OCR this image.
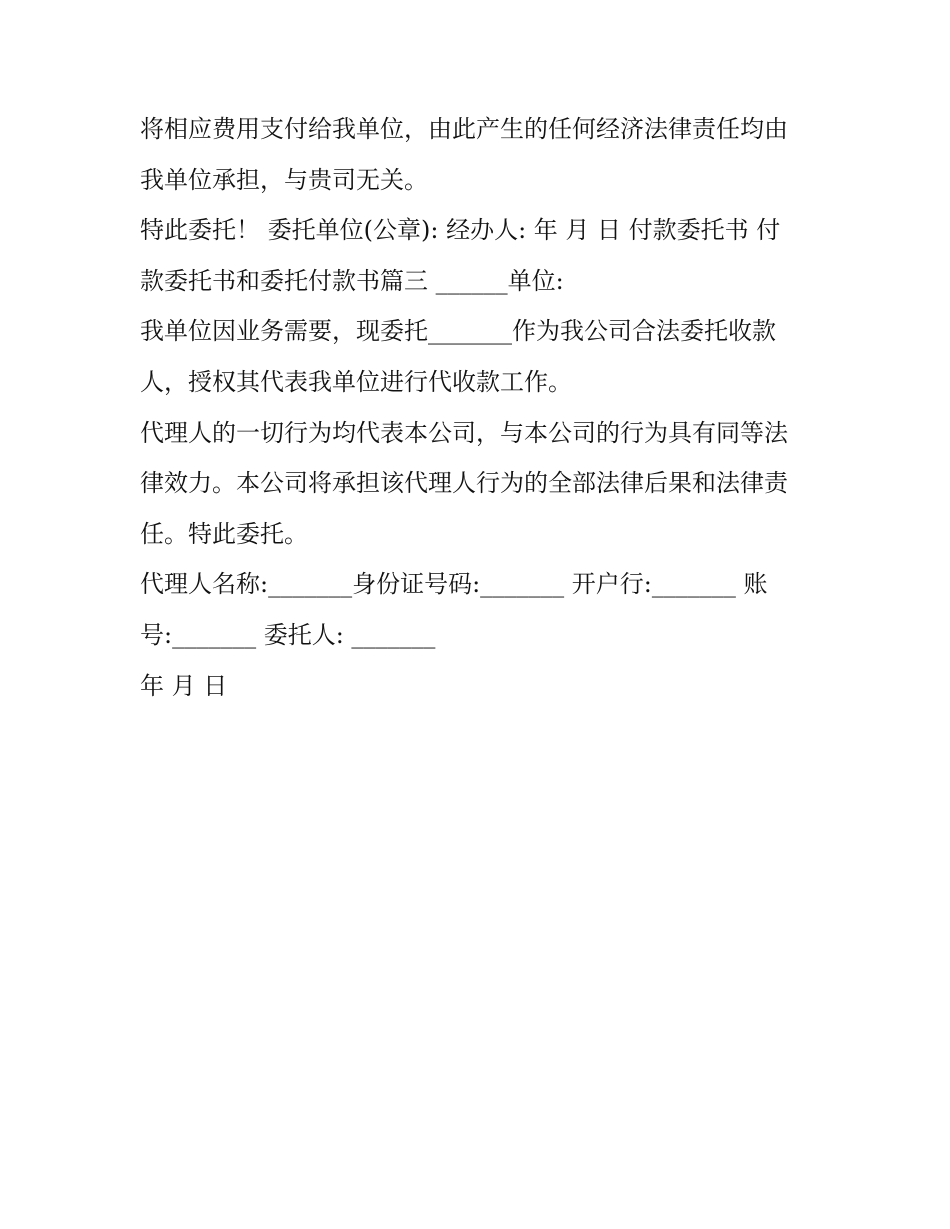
将相应费用支付给我单位，由此产生的任何经济法律责任均由
我单位承担，与贵司无关。
特此委托！ 委托单位(公章): 经办人: 年 月 日 付款委托书 付
款委托书和委托付款书篇三 ______单位:
我单位因业务需要，现委托_______作为我公司合法委托收款
人，授权其代表我单位进行代收款工作。
代理人的一切行为均代表本公司，与本公司的行为具有同等法
律效力。本公司将承担该代理人行为的全部法律后果和法律责
任。特此委托。
代理人名称:_______身份证号码:_______ 开户行:_______ 账
号:_______ 委托人: _______
年 月 日
